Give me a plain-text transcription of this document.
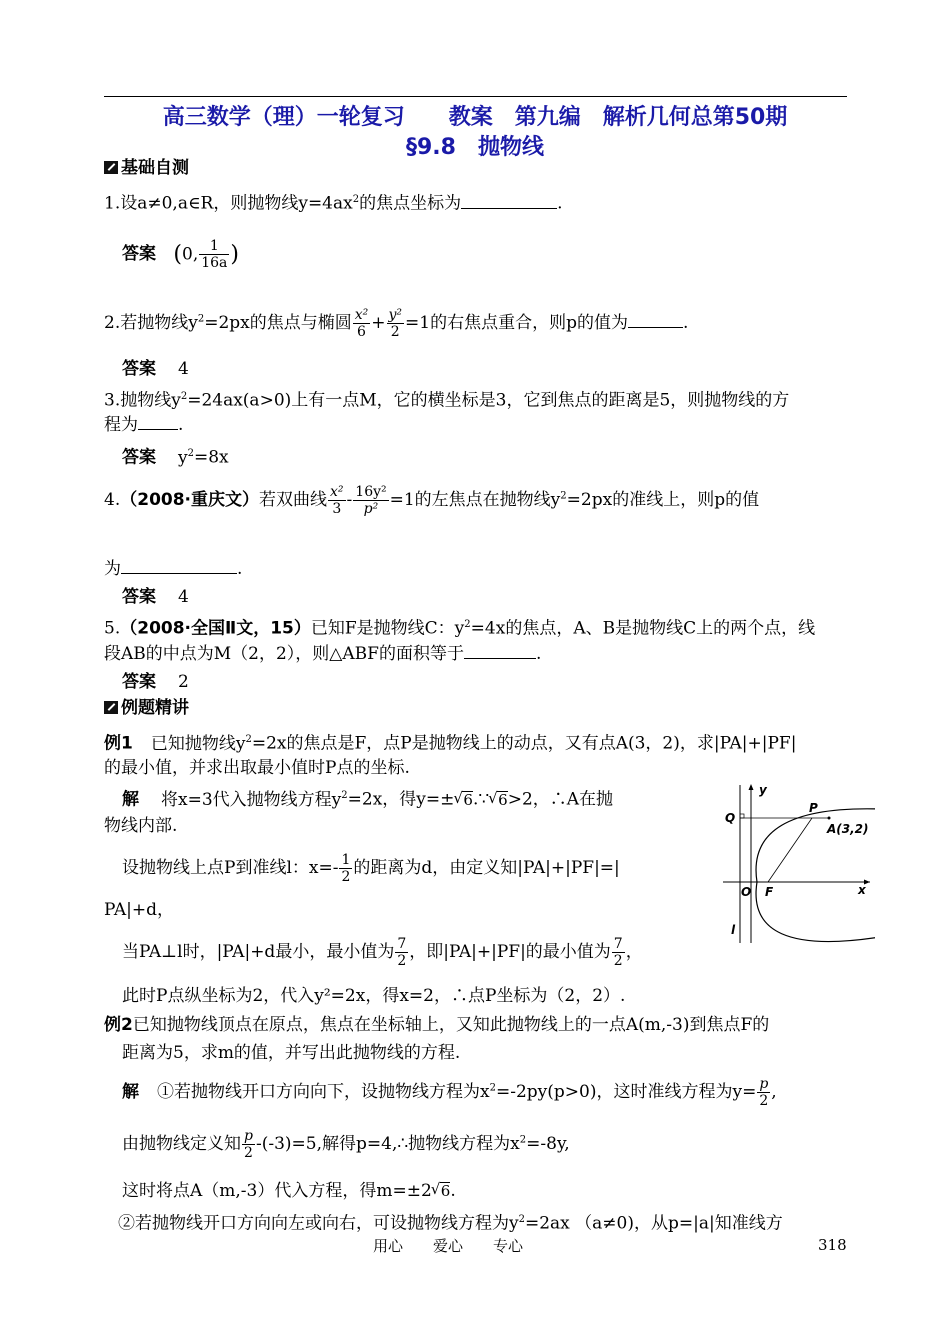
高三数学（理）一轮复习　　教案　第九编　解析几何总第50期
§9.8　抛物线
基础自测
1.设a≠0,a∈R，则抛物线$y=4ax^2$的焦点坐标为	.
答案 (0, $\frac{1}{16a}$ )
2.若抛物线$y^2=2px$的焦点与椭圆 $\frac{\text{x²}}{6} + \frac{\text{y²}}{2} =1$的右焦点重合，则p的值为	.
答案 4
3.抛物线$y^2=24ax(a>0)$上有一点M，它的横坐标是3，它到焦点的距离是5，则抛物线的方
程为 .
答案 $y^2=8x$
4.（2008·重庆文）若双曲线 $\frac{\text{x²}}{3} - \frac{\text{16y²}}{\text{p²}} =1$的左焦点在抛物线$y^2=2px$的准线上，则p的值
为	.
答案 4
5.（2008·全国Ⅱ文，15）已知F是抛物线C：$y^2=4x$的焦点，A、B是抛物线C上的两个点，线
段AB的中点为M（2，2），则△ABF的面积等于	.
答案 2
例题精讲
例1 已知抛物线$y^2=2x$的焦点是F，点P是抛物线上的动点，又有点A(3，2)，求|PA|+|PF|
的最小值，并求出取最小值时P点的坐标.
解 将x=3代入抛物线方程$y^2=2x$，得y=± √ 6.∵ √ 6>2，∴A在抛
物线内部.
设抛物线上点P到准线l：$x=- \frac{1}{2}$ 的距离为d，由定义知|PA|+|PF|=|
PA|+d，
当PA⊥l时，|PA|+d最小，最小值为 $\frac{7}{2}$ ，即|PA|+|PF|的最小值为 $\frac{7}{2}$ ，
此时P点纵坐标为2，代入y²=2x，得x=2，∴点P坐标为（2，2）.
y
P
Q
A(3,2)
O F	x
l
例2已知抛物线顶点在原点，焦点在坐标轴上，又知此抛物线上的一点A(m,-3)到焦点F的
距离为5，求m的值，并写出此抛物线的方程.
解 ①若抛物线开口方向向下，设抛物线方程为$x^2=-2py(p>0)$，这时准线方程为$y= \frac{p}{2}$ ,
由抛物线定义知 $\frac{p}{2} -(-3)=5$,解得p=4,∴抛物线方程为$x^2=-8y$,
这时将点A（m,-3）代入方程，得m=±2 √ 6.
②若抛物线开口方向向左或向右，可设抛物线方程为$y^2=2ax$ （a≠0)，从p=|a|知准线方
用心　　爱心　　专心	318
